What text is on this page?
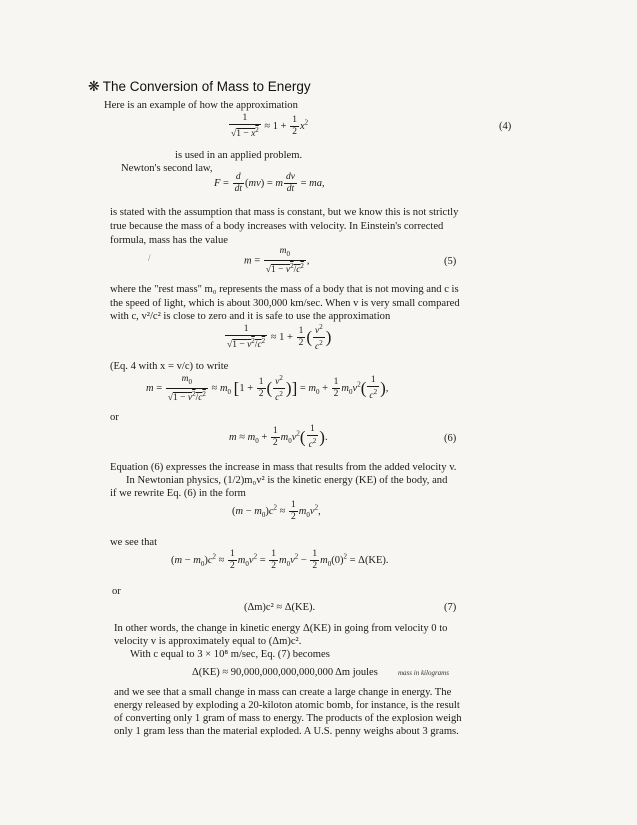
❋ The Conversion of Mass to Energy
Here is an example of how the approximation
$\frac{1}{√1 - x^2} \approx 1 + \frac{1}{2} x^2$	(4)
is used in an applied problem.
Newton's second law,
$F = \frac{d}{dt} (mv) = m \frac{dv}{dt}$ = ma,
is stated with the assumption that mass is constant, but we know this is not strictly
true because the mass of a body increases with velocity. In Einstein's corrected
formula, mass has the value
/	$m = \frac{m_0}{√1 - v^2/c^2}$ ,	(5)
where the "rest mass" m₀ represents the mass of a body that is not moving and c is
the speed of light, which is about 300,000 km/sec. When v is very small compared
with c, v²/c² is close to zero and it is safe to use the approximation
$\frac{1}{√1 - v^2/c^2} \approx 1 + \frac{1}{2}$ ( $\frac{v^2}{c^2}$ )
(Eq. 4 with x = v/c) to write
$m = \frac{m_0}{√1 - v^2/c^2} \approx m_0$ [$1 + \frac{1}{2}$ ( $\frac{v^2}{c^2}$ )] = $m_0 + \frac{1}{2} m_0v^2( \frac{1}{c^2}$ ),
or
$m \approx m_0 + \frac{1}{2} m_0v^2( \frac{1}{c^2}$ ).	(6)
Equation (6) expresses the increase in mass that results from the added velocity v.
In Newtonian physics, (1/2)m₀v² is the kinetic energy (KE) of the body, and
if we rewrite Eq. (6) in the form
$(m - m_0)c^2 \approx \frac{1}{2} m_0v^2$,
we see that
$(m - m_0)c^2 \approx \frac{1}{2} m_0v^2 = \frac{1}{2} m_0v^2 - \frac{1}{2} m_0(0)^2 = \Delta(KE)$.
or
(Δm)c² ≈ Δ(KE).	(7)
In other words, the change in kinetic energy Δ(KE) in going from velocity 0 to
velocity v is approximately equal to (Δm)c².
With c equal to 3 × 10⁸ m/sec, Eq. (7) becomes
Δ(KE) ≈ 90,000,000,000,000,000 Δm joules	mass in kilograms
and we see that a small change in mass can create a large change in energy. The
energy released by exploding a 20-kiloton atomic bomb, for instance, is the result
of converting only 1 gram of mass to energy. The products of the explosion weigh
only 1 gram less than the material exploded. A U.S. penny weighs about 3 grams.
